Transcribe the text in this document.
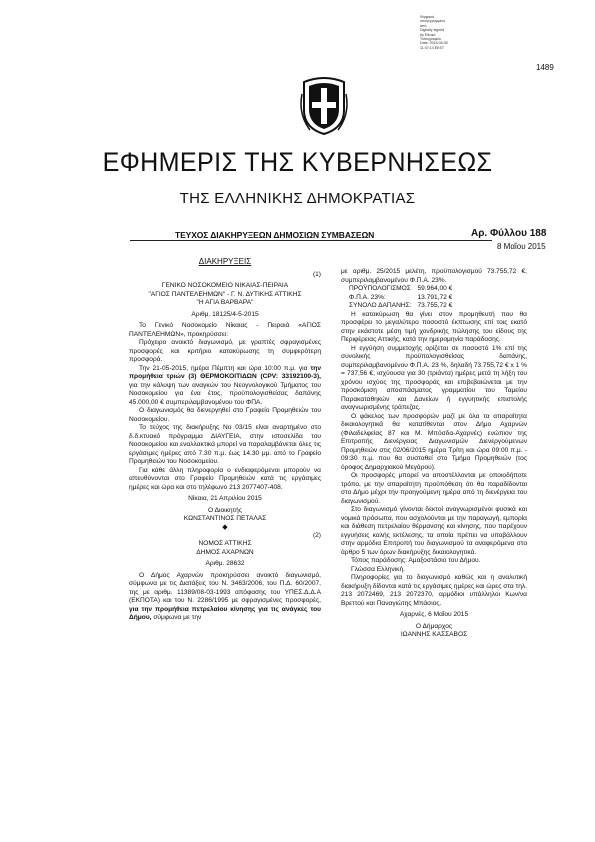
Ψηφιακά
υπογεγραμμένο
από
Digitally signed
by Εθνικό
Τυπογραφείο
Date: 2015.05.08
11:47:14 EEST
1489
ΕΦΗΜΕΡΙΣ ΤΗΣ ΚΥΒΕΡΝΗΣΕΩΣ
ΤΗΣ ΕΛΛΗΝΙΚΗΣ ΔΗΜΟΚΡΑΤΙΑΣ
ΤΕΥΧΟΣ ΔΙΑΚΗΡΥΞΕΩΝ ΔΗΜΟΣΙΩΝ ΣΥΜΒΑΣΕΩΝ	Αρ. Φύλλου 188
8 Μαΐου 2015
ΔΙΑΚΗΡΥΞΕΙΣ
(1)
ΓΕΝΙΚΟ ΝΟΣΟΚΟΜΕΙΟ ΝΙΚΑΙΑΣ-ΠΕΙΡΑΙΑ
"ΑΓΙΟΣ ΠΑΝΤΕΛΕΗΜΩΝ" - Γ. Ν. ΔΥΤΙΚΗΣ ΑΤΤΙΚΗΣ
"Η ΑΓΙΑ ΒΑΡΒΑΡΑ"
Αριθμ. 18125/4-5-2015

Το Γενικό Νοσοκομείο Νίκαιας - Πειραιά «ΑΓΙΟΣ ΠΑΝΤΕΛΕΗΜΩΝ», προκηρύσσει:

Πρόχειρο ανοικτό διαγωνισμό, με γραπτές σφραγισμένες προσφορές και κριτήριο κατακύρωσης τη συμφερότερη προσφορά.

Την 21-05-2015, ημέρα Πέμπτη και ώρα 10:00 π.μ. για την προμήθεια τριών (3) ΘΕΡΜΟΚΟΙΤΙΔΩΝ (CPV: 33192100-3), για την κάλυψη των αναγκών του Νεογνολογικού Τμήματος του Νοσοκομείου για ένα έτος, προϋπολογισθείσας δαπάνης 45.000,00 € συμπεριλαμβανομένου του ΦΠΑ.

Ο διαγωνισμός θα διενεργηθεί στο Γραφείο Προμηθειών του Νοσοκομείου.

Το τεύχος της διακήρυξης Νο 03/15 είναι αναρτημένο στο δ.δ.κτυακό πρόγραμμα ΔΙΑΥΓΕΙΑ, στην ιστοσελίδα του Νοσοκομείου και εναλλακτικά μπορεί να παραλαμβάνεται όλες τις εργάσιμες ημέρες από 7.30 π.μ. έως 14.30 μμ. από το Γραφείο Προμηθειών του Νοσοκομείου.

Για κάθε άλλη πληροφορία ο ενδιαφερόμενοι μπορούν να απευθύνονται στο Γραφείο Προμηθειών κατά τις εργάσιμες ημέρες και ώρα και στο τηλέφωνο 213 2077407-408.

Νίκαια, 21 Απριλίου 2015
Ο Διοικητής
ΚΩΝΣΤΑΝΤΙΝΟΣ ΠΕΤΑΛΑΣ
◆
(2)
ΝΟΜΟΣ ΑΤΤΙΚΗΣ
ΔΗΜΟΣ ΑΧΑΡΝΩΝ
Αριθμ. 28632

Ο Δήμος Αχαρνών προκηρύσσει ανοικτό διαγωνισμό, σύμφωνα με τις Διατάξεις του Ν. 3463/2006, του Π.Δ. 60/2007, της με αριθμ. 11389/08-03-1993 απόφασης του ΥΠΕΣ.Δ.Δ.Α (ΕΚΠΟΤΑ) και του Ν. 2286/1995 με σφραγισμένες προσφορές, για την προμήθεια πετρελαίου κίνησης για τις ανάγκες του Δήμου, σύμφωνα με την

με αριθμ. 25/2015 μελέτη, προϋπολογισμού 73.755,72 €, συμπεριλαμβανομένου Φ.Π.Α. 23%.

ΠΡΟΫΠΟΛΟΓΙΣΜΟΣ	59.964,00 €
Φ.Π.Α. 23%:	13.791,72 €
ΣΥΝΟΛΟ ΔΑΠΑΝΗΣ:	73.755,72 €

Η κατακύρωση θα γίνει στον προμηθευτή που θα προσφέρει το μεγαλύτερο ποσοστό έκπτωσης επί τοις εκατό στην εκάστοτε μέση τιμή χονδρικής πώλησης του είδους της Περιφέρειας Αττικής, κατά την ημερομηνία παράδοσης.

Η εγγύηση συμμετοχής ορίζεται σε ποσοστό 1% επί της συνολικής προϋπολογισθείσας δαπάνης, συμπεριλαμβανομένου Φ.Π.Α. 23 %, δηλαδή 73.755,72 € x 1 % = 737,56 €, ισχύουσα για 30 (τριάντα) ημέρες μετά τη λήξη του χρόνου ισχύος της προσφοράς και επιβεβαιώνεται με την προσκόμιση αποσπάσματος γραμματίου του Ταμείου Παρακαταθηκών και Δανείων ή εγγυητικής επιστολής αναγνωρισμένης τράπεζας.

Ο φάκελος των προσφορών μαζί με όλα τα απαραίτητα δικαιολογητικά θα κατατίθενται στον Δήμο Αχαρνών (Φιλαδελφείας 87 και Μ. Μπόσδα-Αχαρνές) ενώπιον της Επιτροπής Διενέργειας Διαγωνισμών Διενεργούμενων Προμηθειών στις 02/06/2015 ημέρα Τρίτη και ώρα 09:00 π.μ. - 09:30 π.μ. που θα συσταθεί στο Τμήμα Προμηθειών (τος όροφος Δημαρχιακού Μεγάρου).

Οι προσφορές μπορεί να αποστέλλονται με οποιοδήποτε τρόπο, με την απαραίτητη προϋπόθεση ότι θα παραδίδονται στο Δήμο μέχρι την προηγούμενη ημέρα από τη διενέργεια του διαγωνισμού.

Στο διαγωνισμό γίνονται δεκτοί αναγνωρισμένοι φυσικά και νομικά πρόσωπα, που ασχολούνται με την παραγωγή, εμπορία και διάθεση πετρελαίου θέρμανσης και κίνησης, που παρέχουν εγγυήσεις καλής εκτέλεσης, τα οποία πρέπει να υποβάλλουν στην αρμόδια Επιτροπή του διαγωνισμού τα αναφερόμενα στο άρθρο 5 των όρων διακήρυξης δικαιολογητικά.

Τόπος παράδοσης: Αμαξοστάσιο του Δήμου.

Γλώσσα Ελληνική.

Πληροφορίες για το διαγωνισμό καθώς και η αναλυτική διακήρυξη δίδονται κατά τις εργάσιμες ημέρες και ώρες στα τηλ. 213 2072469, 213 2072370, αρμόδιοι υπάλληλοι Κων/να Βρεττού και Παναγιώτης Μπάσιος.

Αχαρνές, 6 Μαΐου 2015
Ο Δήμαρχος
ΙΩΑΝΝΗΣ ΚΑΣΣΑΒΟΣ
